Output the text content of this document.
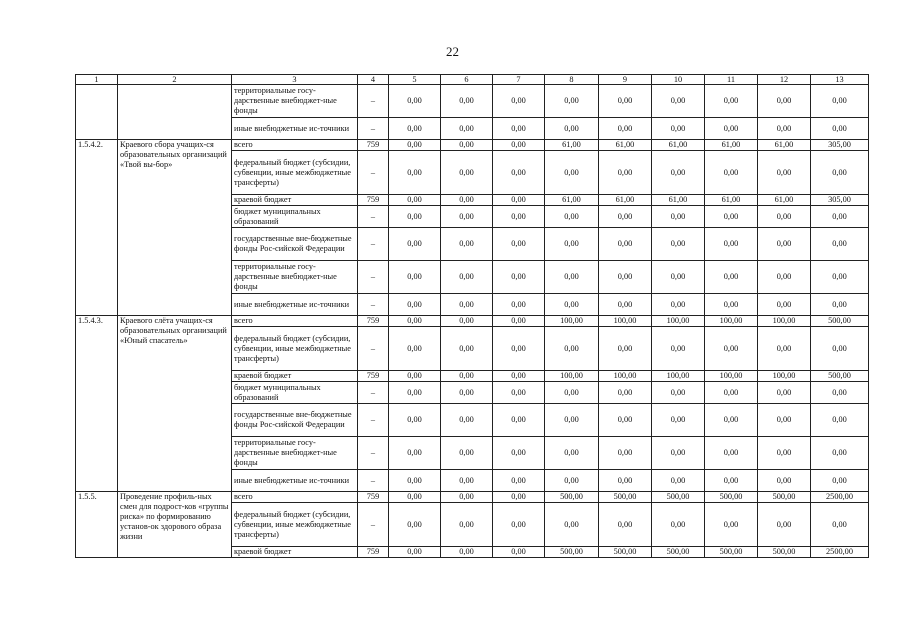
22
1	2	3	4	5	6	7	8	9	10	11	12	13
		территориальные госу-дарственные внебюджет-ные фонды	–	0,00	0,00	0,00	0,00	0,00	0,00	0,00	0,00	0,00
		иные внебюджетные ис-точники	–	0,00	0,00	0,00	0,00	0,00	0,00	0,00	0,00	0,00
1.5.4.2.	Краевого сбора учащих-ся образовательных организаций «Твой вы-бор»	всего	759	0,00	0,00	0,00	61,00	61,00	61,00	61,00	61,00	305,00
		федеральный бюджет (субсидии, субвенции, иные межбюджетные трансферты)	–	0,00	0,00	0,00	0,00	0,00	0,00	0,00	0,00	0,00
		краевой бюджет	759	0,00	0,00	0,00	61,00	61,00	61,00	61,00	61,00	305,00
		бюджет муниципальных образований	–	0,00	0,00	0,00	0,00	0,00	0,00	0,00	0,00	0,00
		государственные вне-бюджетные фонды Рос-сийской Федерации	–	0,00	0,00	0,00	0,00	0,00	0,00	0,00	0,00	0,00
		территориальные госу-дарственные внебюджет-ные фонды	–	0,00	0,00	0,00	0,00	0,00	0,00	0,00	0,00	0,00
		иные внебюджетные ис-точники	–	0,00	0,00	0,00	0,00	0,00	0,00	0,00	0,00	0,00
1.5.4.3.	Краевого слёта учащих-ся образовательных организаций «Юный спасатель»	всего	759	0,00	0,00	0,00	100,00	100,00	100,00	100,00	100,00	500,00
		федеральный бюджет (субсидии, субвенции, иные межбюджетные трансферты)	–	0,00	0,00	0,00	0,00	0,00	0,00	0,00	0,00	0,00
		краевой бюджет	759	0,00	0,00	0,00	100,00	100,00	100,00	100,00	100,00	500,00
		бюджет муниципальных образований	–	0,00	0,00	0,00	0,00	0,00	0,00	0,00	0,00	0,00
		государственные вне-бюджетные фонды Рос-сийской Федерации	–	0,00	0,00	0,00	0,00	0,00	0,00	0,00	0,00	0,00
		территориальные госу-дарственные внебюджет-ные фонды	–	0,00	0,00	0,00	0,00	0,00	0,00	0,00	0,00	0,00
		иные внебюджетные ис-точники	–	0,00	0,00	0,00	0,00	0,00	0,00	0,00	0,00	0,00
1.5.5.	Проведение профиль-ных смен для подрост-ков «группы риска» по формированию установ-ок здорового образа жизни	всего	759	0,00	0,00	0,00	500,00	500,00	500,00	500,00	500,00	2500,00
		федеральный бюджет (субсидии, субвенции, иные межбюджетные трансферты)	–	0,00	0,00	0,00	0,00	0,00	0,00	0,00	0,00	0,00
		краевой бюджет	759	0,00	0,00	0,00	500,00	500,00	500,00	500,00	500,00	2500,00
